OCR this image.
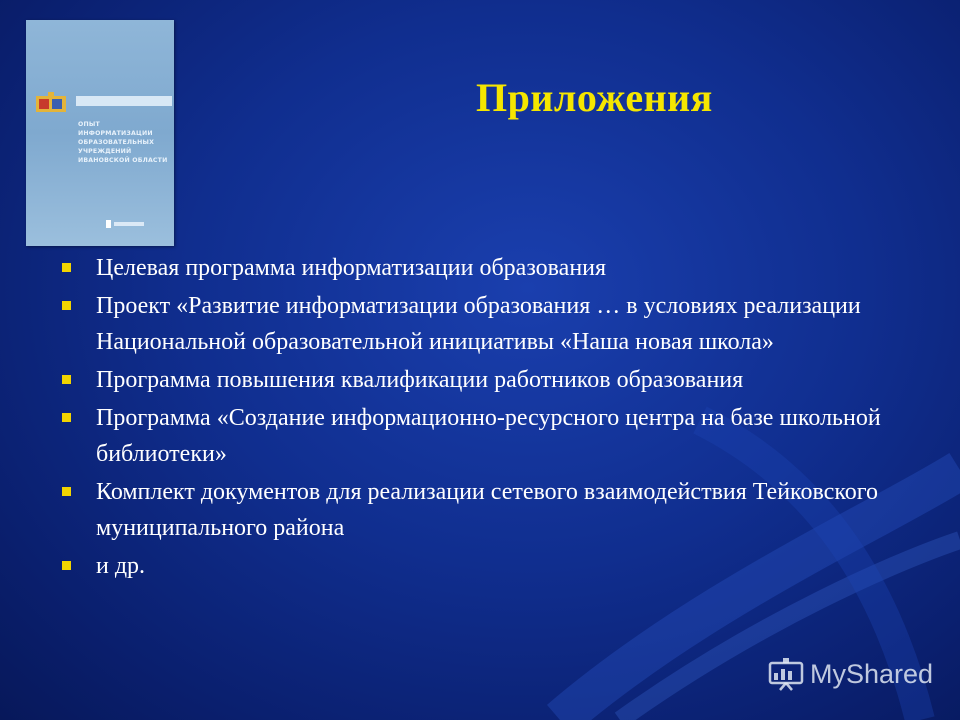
ОПЫТ ИНФОРМАТИЗАЦИИ ОБРАЗОВАТЕЛЬНЫХ УЧРЕЖДЕНИЙ ИВАНОВСКОЙ ОБЛАСТИ
Приложения
Целевая программа информатизации образования
Проект «Развитие информатизации образования … в условиях реализации Национальной образовательной инициативы «Наша новая школа»
Программа повышения квалификации работников образования
Программа «Создание информационно-ресурсного центра на базе школьной библиотеки»
Комплект документов для реализации сетевого взаимодействия Тейковского муниципального района
и др.
MyShared
